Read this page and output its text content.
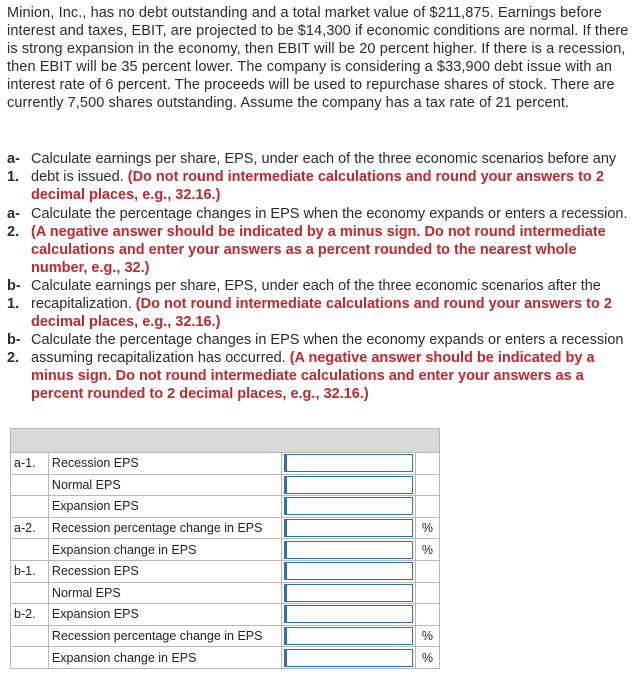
Minion, Inc., has no debt outstanding and a total market value of $211,875. Earnings before interest and taxes, EBIT, are projected to be $14,300 if economic conditions are normal. If there is strong expansion in the economy, then EBIT will be 20 percent higher. If there is a recession, then EBIT will be 35 percent lower. The company is considering a $33,900 debt issue with an interest rate of 6 percent. The proceeds will be used to repurchase shares of stock. There are currently 7,500 shares outstanding. Assume the company has a tax rate of 21 percent.
a-1.
Calculate earnings per share, EPS, under each of the three economic scenarios before any debt is issued. (Do not round intermediate calculations and round your answers to 2 decimal places, e.g., 32.16.)
a-
2.
Calculate the percentage changes in EPS when the economy expands or enters a recession. (A negative answer should be indicated by a minus sign. Do not round intermediate calculations and enter your answers as a percent rounded to the nearest whole number, e.g., 32.)
b-
1.
Calculate earnings per share, EPS, under each of the three economic scenarios after the recapitalization. (Do not round intermediate calculations and round your answers to 2 decimal places, e.g., 32.16.)
b-
2.
Calculate the percentage changes in EPS when the economy expands or enters a recession assuming recapitalization has occurred. (A negative answer should be indicated by a minus sign. Do not round intermediate calculations and enter your answers as a percent rounded to 2 decimal places, e.g., 32.16.)

a-1.	Recession EPS		
	Normal EPS		
	Expansion EPS		
a-2.	Recession percentage change in EPS		%
	Expansion change in EPS		%
b-1.	Recession EPS		
	Normal EPS		
b-2.	Expansion EPS		
	Recession percentage change in EPS		%
	Expansion change in EPS		%
